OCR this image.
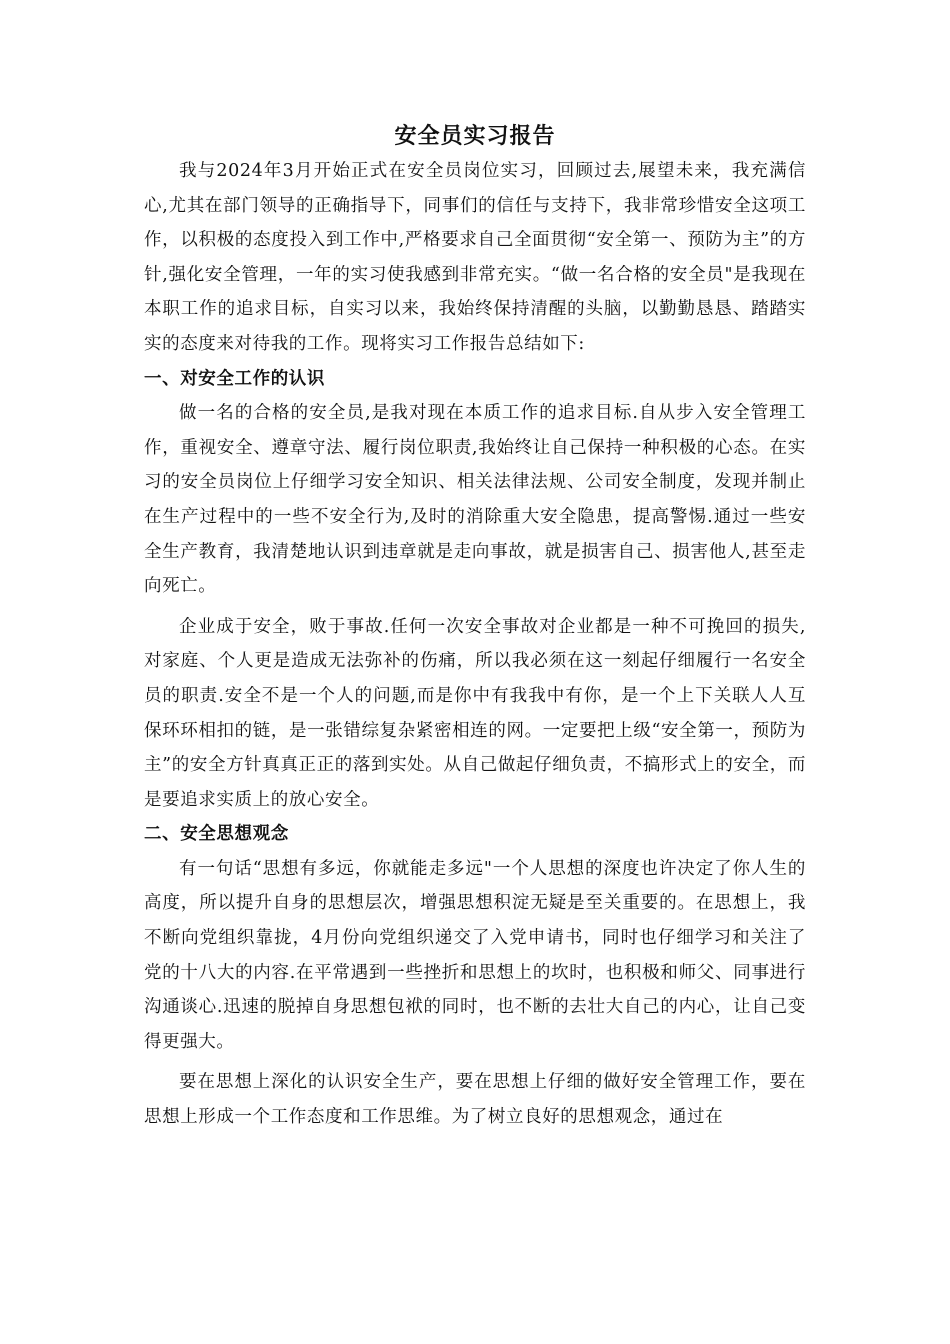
安全员实习报告

我与2024年3月开始正式在安全员岗位实习，回顾过去,展望未来，我充满信心,尤其在部门领导的正确指导下，同事们的信任与支持下，我非常珍惜安全这项工作，以积极的态度投入到工作中,严格要求自己全面贯彻“安全第一、预防为主”的方针,强化安全管理，一年的实习使我感到非常充实。“做一名合格的安全员"是我现在本职工作的追求目标，自实习以来，我始终保持清醒的头脑，以勤勤恳恳、踏踏实实的态度来对待我的工作。现将实习工作报告总结如下:

一、对安全工作的认识

做一名的合格的安全员,是我对现在本质工作的追求目标.自从步入安全管理工作，重视安全、遵章守法、履行岗位职责,我始终让自己保持一种积极的心态。在实习的安全员岗位上仔细学习安全知识、相关法律法规、公司安全制度，发现并制止在生产过程中的一些不安全行为,及时的消除重大安全隐患，提高警惕.通过一些安全生产教育，我清楚地认识到违章就是走向事故，就是损害自己、损害他人,甚至走向死亡。

企业成于安全，败于事故.任何一次安全事故对企业都是一种不可挽回的损失,对家庭、个人更是造成无法弥补的伤痛，所以我必须在这一刻起仔细履行一名安全员的职责.安全不是一个人的问题,而是你中有我我中有你，是一个上下关联人人互保环环相扣的链，是一张错综复杂紧密相连的网。一定要把上级“安全第一，预防为主”的安全方针真真正正的落到实处。从自己做起仔细负责，不搞形式上的安全，而是要追求实质上的放心安全。

二、安全思想观念

有一句话“思想有多远，你就能走多远"一个人思想的深度也许决定了你人生的高度，所以提升自身的思想层次，增强思想积淀无疑是至关重要的。在思想上，我不断向党组织靠拢，4月份向党组织递交了入党申请书，同时也仔细学习和关注了党的十八大的内容.在平常遇到一些挫折和思想上的坎时，也积极和师父、同事进行沟通谈心.迅速的脱掉自身思想包袱的同时，也不断的去壮大自己的内心，让自己变得更强大。

要在思想上深化的认识安全生产，要在思想上仔细的做好安全管理工作，要在思想上形成一个工作态度和工作思维。为了树立良好的思想观念，通过在
